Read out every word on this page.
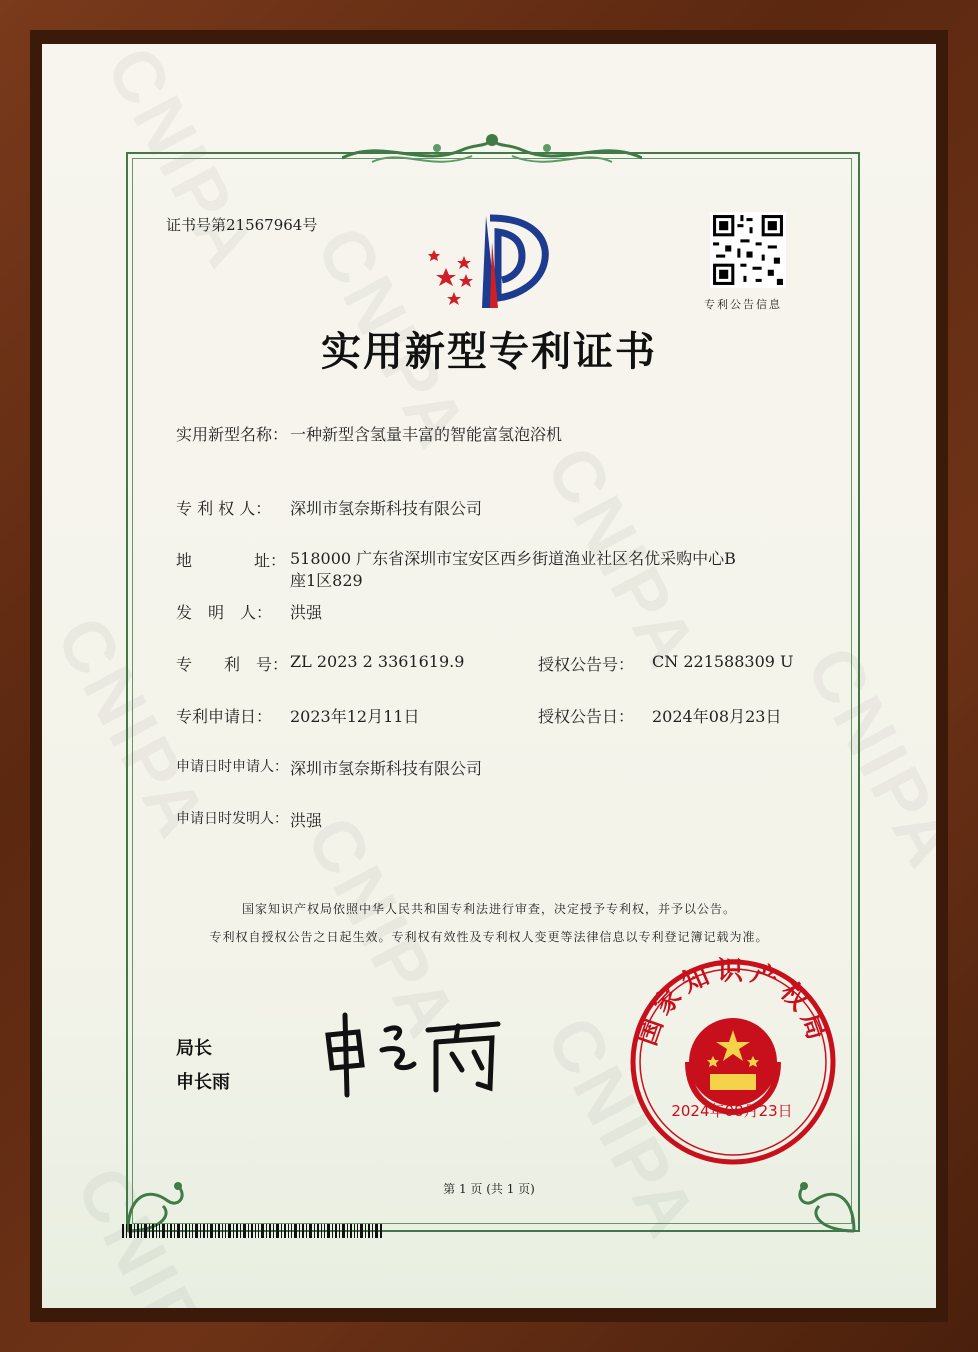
证书号第21567964号
专利公告信息
实用新型专利证书
实用新型名称： 一种新型含氢量丰富的智能富氢泡浴机
专 利 权 人： 深圳市氢奈斯科技有限公司
地	址： 518000 广东省深圳市宝安区西乡街道渔业社区名优采购中心B座1区829
发　明　人： 洪强
专　　利　号： ZL 2023 2 3361619.9	授权公告号： CN 221588309 U
专利申请日： 2023年12月11日	授权公告日： 2024年08月23日
申请日时申请人： 深圳市氢奈斯科技有限公司
申请日时发明人： 洪强
国家知识产权局依照中华人民共和国专利法进行审查，决定授予专利权，并予以公告。
专利权自授权公告之日起生效。专利权有效性及专利权人变更等法律信息以专利登记簿记载为准。
局长
申长雨
国家知识产权局
2024年08月23日
第 1 页 (共 1 页)
